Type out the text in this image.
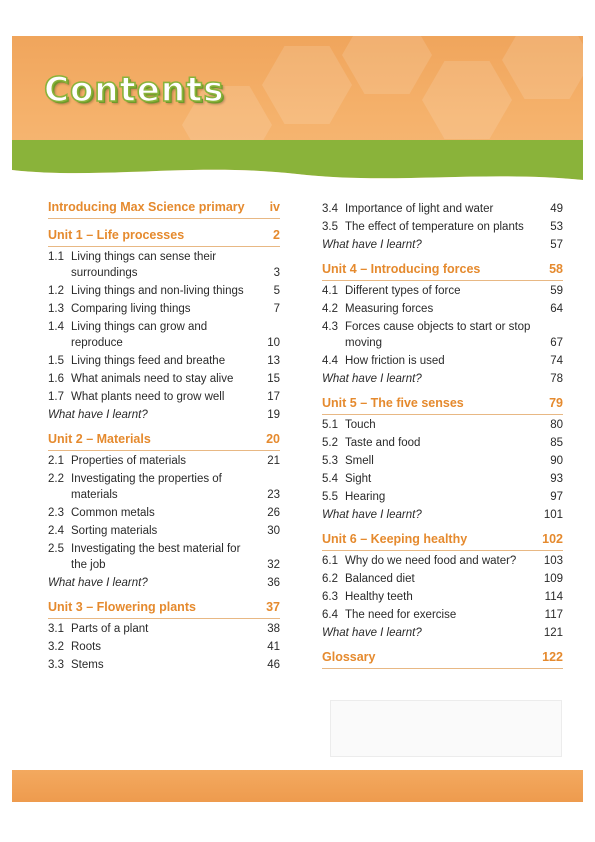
Contents
Introducing Max Science primary	iv
Unit 1 – Life processes	2
1.1 Living things can sense their surroundings	3
1.2 Living things and non-living things	5
1.3 Comparing living things	7
1.4 Living things can grow and reproduce	10
1.5 Living things feed and breathe	13
1.6 What animals need to stay alive	15
1.7 What plants need to grow well	17
What have I learnt?	19
Unit 2 – Materials	20
2.1 Properties of materials	21
2.2 Investigating the properties of materials	23
2.3 Common metals	26
2.4 Sorting materials	30
2.5 Investigating the best material for the job	32
What have I learnt?	36
Unit 3 – Flowering plants	37
3.1 Parts of a plant	38
3.2 Roots	41
3.3 Stems	46
3.4 Importance of light and water	49
3.5 The effect of temperature on plants	53
What have I learnt?	57
Unit 4 – Introducing forces	58
4.1 Different types of force	59
4.2 Measuring forces	64
4.3 Forces cause objects to start or stop moving	67
4.4 How friction is used	74
What have I learnt?	78
Unit 5 – The five senses	79
5.1 Touch	80
5.2 Taste and food	85
5.3 Smell	90
5.4 Sight	93
5.5 Hearing	97
What have I learnt?	101
Unit 6 – Keeping healthy	102
6.1 Why do we need food and water?	103
6.2 Balanced diet	109
6.3 Healthy teeth	114
6.4 The need for exercise	117
What have I learnt?	121
Glossary	122
